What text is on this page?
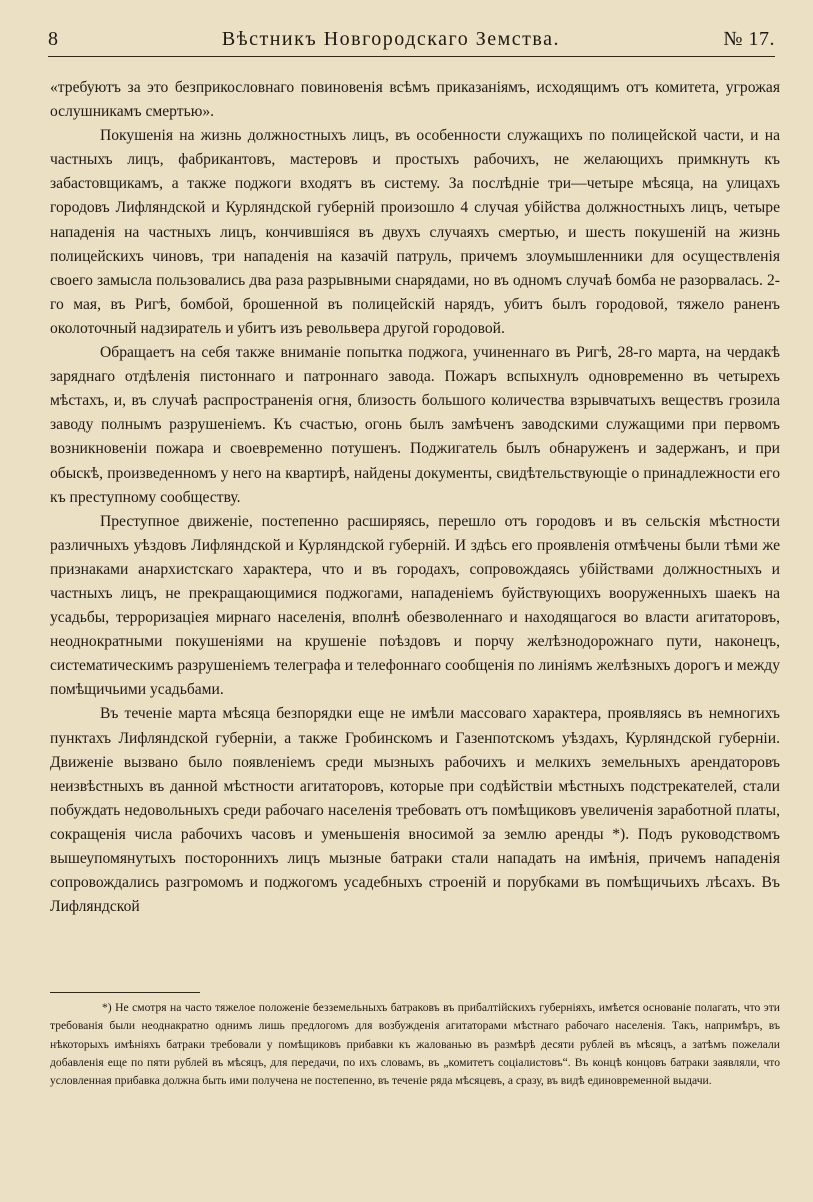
8	Вѣстникъ Новгородскаго Земства.	№ 17.

«требуютъ за это безприкословнаго повиновенія всѣмъ приказаніямъ, исходящимъ отъ комитета, угрожая ослушникамъ смертью».

Покушенія на жизнь должностныхъ лицъ, въ особенности служащихъ по полицейской части, и на частныхъ лицъ, фабрикантовъ, мастеровъ и простыхъ рабочихъ, не желающихъ примкнуть къ забастовщикамъ, а также поджоги входятъ въ систему. За послѣдніе три—четыре мѣсяца, на улицахъ городовъ Лифляндской и Курляндской губерній произошло 4 случая убійства должностныхъ лицъ, четыре нападенія на частныхъ лицъ, кончившіяся въ двухъ случаяхъ смертью, и шесть покушеній на жизнь полицейскихъ чиновъ, три нападенія на казачій патруль, причемъ злоумышленники для осуществленія своего замысла пользовались два раза разрывными снарядами, но въ одномъ случаѣ бомба не разорвалась. 2-го мая, въ Ригѣ, бомбой, брошенной въ полицейскій нарядъ, убитъ былъ городовой, тяжело раненъ околоточный надзиратель и убитъ изъ револьвера другой городовой.

Обращаетъ на себя также вниманіе попытка поджога, учиненнаго въ Ригѣ, 28-го марта, на чердакѣ заряднаго отдѣленія пистоннаго и патроннаго завода. Пожаръ вспыхнулъ одновременно въ четырехъ мѣстахъ, и, въ случаѣ распространенія огня, близость большого количества взрывчатыхъ веществъ грозила заводу полнымъ разрушеніемъ. Къ счастью, огонь былъ замѣченъ заводскими служащими при первомъ возникновеніи пожара и своевременно потушенъ. Поджигатель былъ обнаруженъ и задержанъ, и при обыскѣ, произведенномъ у него на квартирѣ, найдены документы, свидѣтельствующіе о принадлежности его къ преступному сообществу.

Преступное движеніе, постепенно расширяясь, перешло отъ городовъ и въ сельскія мѣстности различныхъ уѣздовъ Лифляндской и Курляндской губерній. И здѣсь его проявленія отмѣчены были тѣми же признаками анархистскаго характера, что и въ городахъ, сопровождаясь убійствами должностныхъ и частныхъ лицъ, не прекращающимися поджогами, нападеніемъ буйствующихъ вооруженныхъ шаекъ на усадьбы, терроризаціея мирнаго населенія, вполнѣ обезволеннаго и находящагося во власти агитаторовъ, неоднократными покушеніями на крушеніе поѣздовъ и порчу желѣзнодорожнаго пути, наконецъ, систематическимъ разрушеніемъ телеграфа и телефоннаго сообщенія по линіямъ желѣзныхъ дорогъ и между помѣщичьими усадьбами.

Въ теченіе марта мѣсяца безпорядки еще не имѣли массоваго характера, проявляясь въ немногихъ пунктахъ Лифляндской губерніи, а также Гробинскомъ и Газенпотскомъ уѣздахъ, Курляндской губерніи. Движеніе вызвано было появленіемъ среди мызныхъ рабочихъ и мелкихъ земельныхъ арендаторовъ неизвѣстныхъ въ данной мѣстности агитаторовъ, которые при содѣйствіи мѣстныхъ подстрекателей, стали побуждать недовольныхъ среди рабочаго населенія требовать отъ помѣщиковъ увеличенія заработной платы, сокращенія числа рабочихъ часовъ и уменьшенія вносимой за землю аренды *). Подъ руководствомъ вышеупомянутыхъ постороннихъ лицъ мызные батраки стали нападать на имѣнія, причемъ нападенія сопровождались разгромомъ и поджогомъ усадебныхъ строеній и порубками въ помѣщичьихъ лѣсахъ. Въ Лифляндской

*) Не смотря на часто тяжелое положеніе безземельныхъ батраковъ въ прибалтійскихъ губерніяхъ, имѣется основаніе полагать, что эти требованія были неоднакратно однимъ лишь предлогомъ для возбужденія агитаторами мѣстнаго рабочаго населенія. Такъ, напримѣръ, въ нѣкоторыхъ имѣніяхъ батраки требовали у помѣщиковъ прибавки къ жалованью въ размѣрѣ десяти рублей въ мѣсяцъ, а затѣмъ пожелали добавленія еще по пяти рублей въ мѣсяцъ, для передачи, по ихъ словамъ, въ „комитетъ соціалистовъ“. Въ концѣ концовъ батраки заявляли, что условленная прибавка должна быть ими получена не постепенно, въ теченіе ряда мѣсяцевъ, а сразу, въ видѣ единовременной выдачи.
